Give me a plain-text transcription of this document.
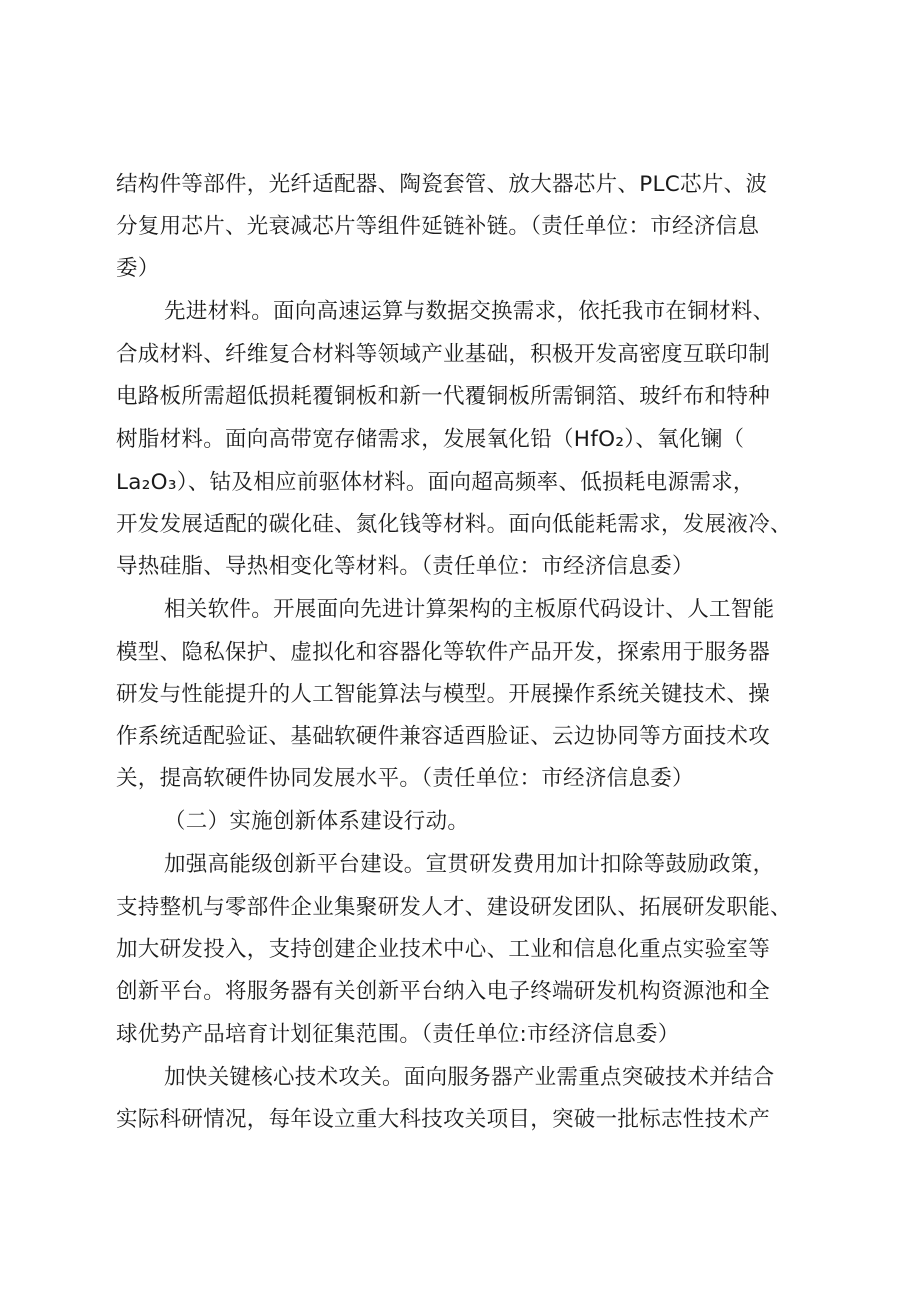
结构件等部件，光纤适配器、陶瓷套管、放大器芯片、PLC芯片、波
分复用芯片、光衰减芯片等组件延链补链。（责任单位：市经济信息
委）
先进材料。面向高速运算与数据交换需求，依托我市在铜材料、
合成材料、纤维复合材料等领域产业基础，积极开发高密度互联印制
电路板所需超低损耗覆铜板和新一代覆铜板所需铜箔、玻纤布和特种
树脂材料。面向高带宽存储需求，发展氧化铅（HfO₂）、氧化镧（
La₂O₃）、钴及相应前驱体材料。面向超高频率、低损耗电源需求，
开发发展适配的碳化硅、氮化钱等材料。面向低能耗需求，发展液冷、
导热硅脂、导热相变化等材料。（责任单位：市经济信息委）
相关软件。开展面向先进计算架构的主板原代码设计、人工智能
模型、隐私保护、虚拟化和容器化等软件产品开发，探索用于服务器
研发与性能提升的人工智能算法与模型。开展操作系统关键技术、操
作系统适配验证、基础软硬件兼容适酉脸证、云边协同等方面技术攻
关，提高软硬件协同发展水平。（责任单位：市经济信息委）
（二）实施创新体系建设行动。
加强高能级创新平台建设。宣贯研发费用加计扣除等鼓励政策，
支持整机与零部件企业集聚研发人才、建设研发团队、拓展研发职能、
加大研发投入，支持创建企业技术中心、工业和信息化重点实验室等
创新平台。将服务器有关创新平台纳入电子终端研发机构资源池和全
球优势产品培育计划征集范围。（责任单位:市经济信息委）
加快关键核心技术攻关。面向服务器产业需重点突破技术并结合
实际科研情况，每年设立重大科技攻关项目，突破一批标志性技术产
